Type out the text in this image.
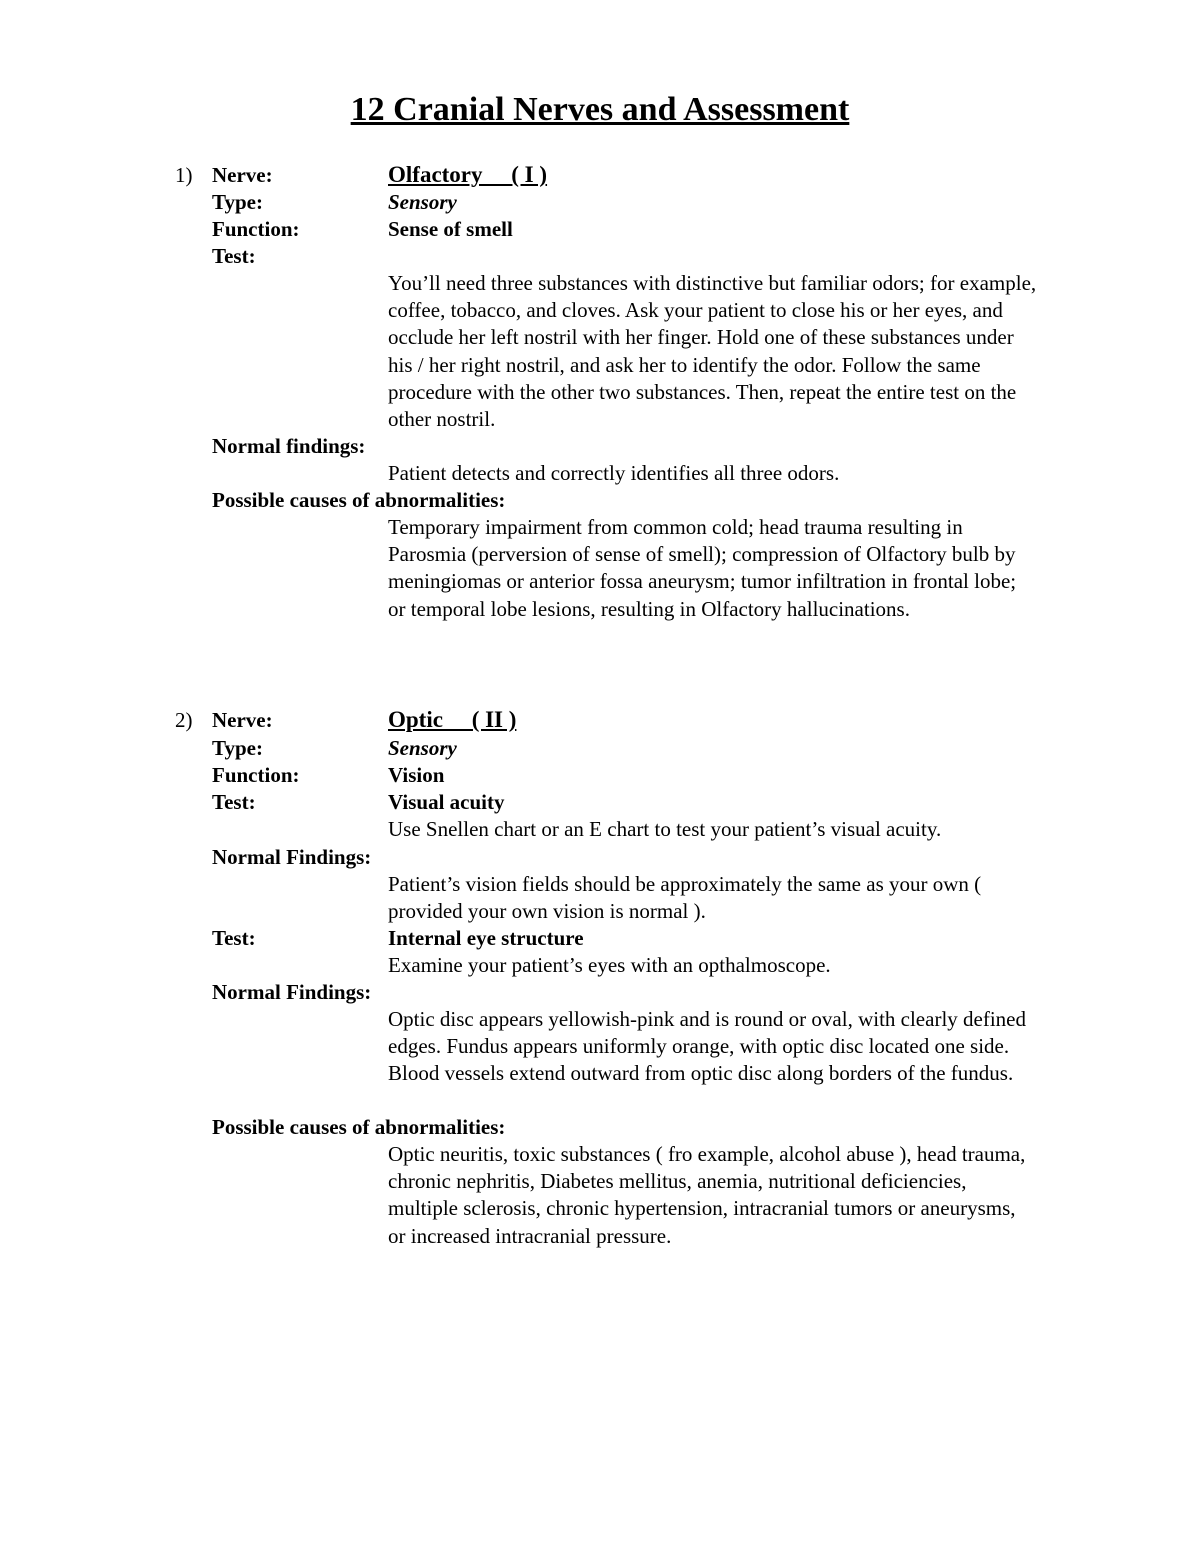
12 Cranial Nerves and Assessment
1) Nerve:	Olfactory     ( I )
Type:	Sensory
Function:	Sense of smell
Test:

You’ll need three substances with distinctive but familiar odors; for example, coffee, tobacco, and cloves. Ask your patient to close his or her eyes, and occlude her left nostril with her finger. Hold one of these substances under his / her right nostril, and ask her to identify the odor. Follow the same procedure with the other two substances. Then, repeat the entire test on the other nostril.

Normal findings:

Patient detects and correctly identifies all three odors.

Possible causes of abnormalities:

Temporary impairment from common cold; head trauma resulting in Parosmia (perversion of sense of smell); compression of Olfactory bulb by meningiomas or anterior fossa aneurysm; tumor infiltration in frontal lobe; or temporal lobe lesions, resulting in Olfactory hallucinations.

2) Nerve:	Optic     ( II )
Type:	Sensory
Function:	Vision
Test:	Visual acuity

Use Snellen chart or an E chart to test your patient’s visual acuity.

Normal Findings:

Patient’s vision fields should be approximately the same as your own ( provided your own vision is normal ).

Test:	Internal eye structure

Examine your patient’s eyes with an opthalmoscope.

Normal Findings:

Optic disc appears yellowish-pink and is round or oval, with clearly defined edges. Fundus appears uniformly orange, with optic disc located one side. Blood vessels extend outward from optic disc along borders of the fundus.

Possible causes of abnormalities:

Optic neuritis, toxic substances ( fro example, alcohol abuse ), head trauma, chronic nephritis, Diabetes mellitus, anemia, nutritional deficiencies, multiple sclerosis, chronic hypertension, intracranial tumors or aneurysms, or increased intracranial pressure.
